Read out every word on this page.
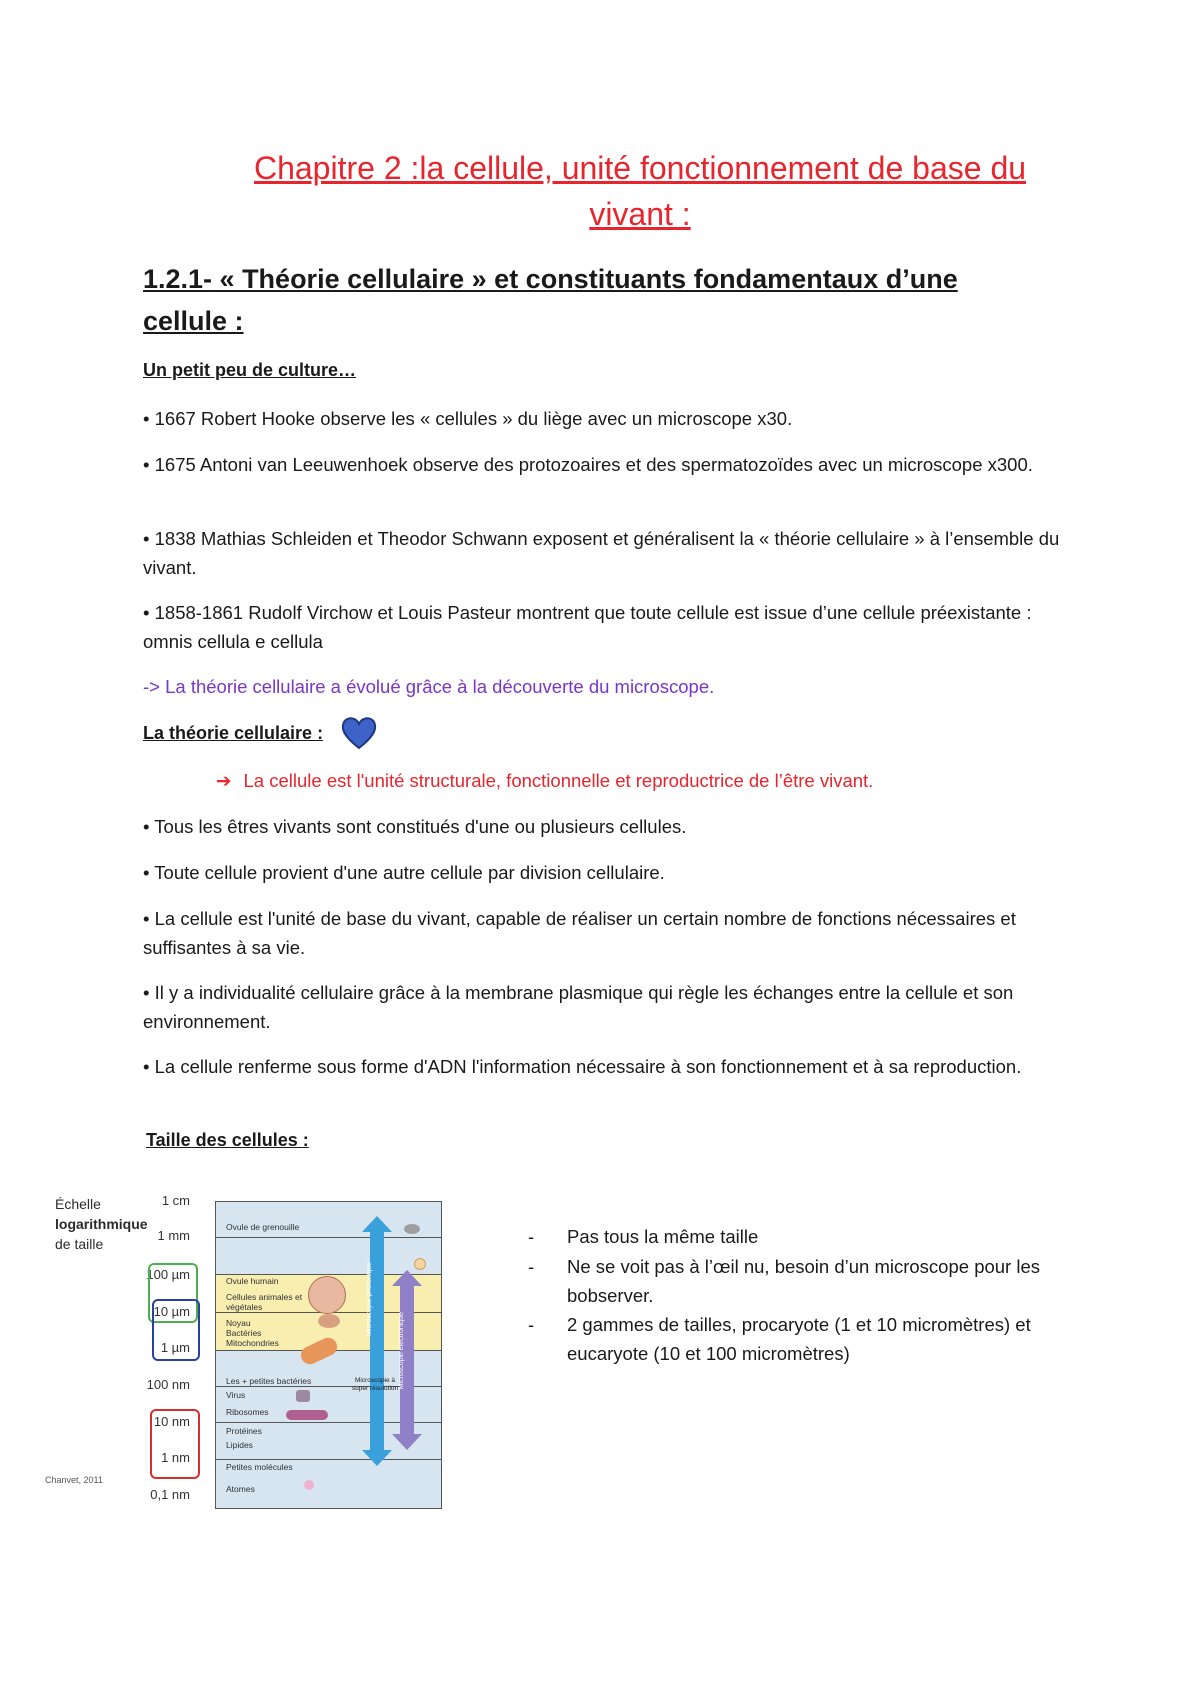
Chapitre 2 :la cellule, unité fonctionnement de base du
vivant :
1.2.1- « Théorie cellulaire » et constituants fondamentaux d’une
cellule :
Un petit peu de culture…
• 1667 Robert Hooke observe les « cellules » du liège avec un microscope x30.
• 1675 Antoni van Leeuwenhoek observe des protozoaires et des spermatozoïdes avec un microscope x300.
• 1838 Mathias Schleiden et Theodor Schwann exposent et généralisent la « théorie cellulaire » à l’ensemble du vivant.
• 1858-1861 Rudolf Virchow et Louis Pasteur montrent que toute cellule est issue d’une cellule préexistante : omnis cellula e cellula
-> La théorie cellulaire a évolué grâce à la découverte du microscope.
La théorie cellulaire :
➔ La cellule est l'unité structurale, fonctionnelle et reproductrice de l’être vivant.
• Tous les êtres vivants sont constitués d'une ou plusieurs cellules.
• Toute cellule provient d'une autre cellule par division cellulaire.
• La cellule est l'unité de base du vivant, capable de réaliser un certain nombre de fonctions nécessaires et suffisantes à sa vie.
• Il y a individualité cellulaire grâce à la membrane plasmique qui règle les échanges entre la cellule et son environnement.
• La cellule renferme sous forme d'ADN l'information nécessaire à son fonctionnement et à sa reproduction.
Taille des cellules :
Échelle
logarithmique
de taille
Chanvet, 2011
1 cm
1 mm
100 µm
10 µm
1 µm
100 nm
10 nm
1 nm
0,1 nm
Ovule de grenouille
Ovule humain
Cellules animales et végétales
Noyau
Bactéries
Mitochondries
Les + petites bactéries
Virus
Ribosomes
Protéines
Lipides
Petites molécules
Atomes
Microscopie photonique
Microscopie électronique
Microscopie à super résolution
- Pas tous la même taille
- Ne se voit pas à l’œil nu, besoin d’un microscope pour les bobserver.
- 2 gammes de tailles, procaryote (1 et 10 micromètres) et eucaryote (10 et 100 micromètres)
